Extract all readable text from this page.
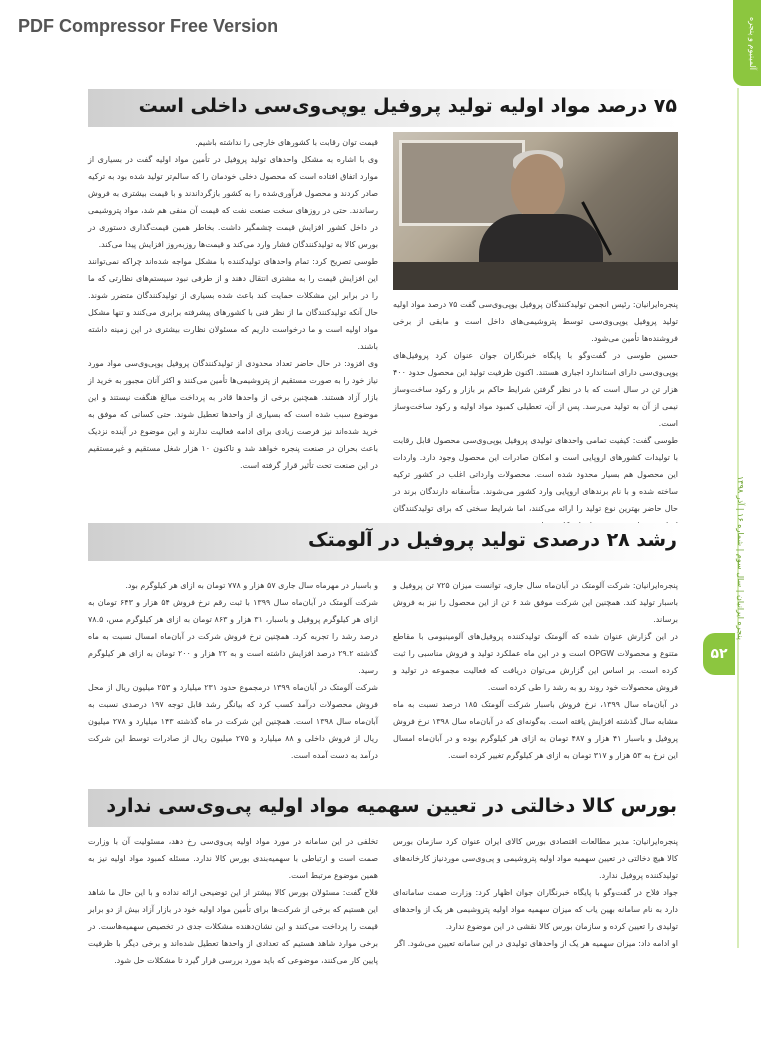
PDF Compressor Free Version	آلمینیوم و پنجره
پنجره ایرانیان | سال سوم | شماره ۱۶ | آذر ۱۳۹۸
۵۲
۷۵ درصد مواد اولیه تولید پروفیل یوپی‌وی‌سی داخلی است

پنجره‌ایرانیان: رئیس انجمن تولیدکنندگان پروفیل یوپی‌وی‌سی گفت ۷۵ درصد مواد اولیه تولید پروفیل یوپی‌وی‌سی توسط پتروشیمی‌های داخل است و مابقی از برخی فروشنده‌ها تأمین می‌شود.

حسین طوسی در گفت‌وگو با پایگاه خبرنگاران جوان عنوان کرد پروفیل‌های یوپی‌وی‌سی دارای استاندارد اجباری هستند. اکنون ظرفیت تولید این محصول حدود ۴۰۰ هزار تن در سال است که با در نظر گرفتن شرایط حاکم بر بازار و رکود ساخت‌وساز نیمی از آن به تولید می‌رسد. پس از آن، تعطیلی کمبود مواد اولیه و رکود ساخت‌وساز است.

طوسی گفت: کیفیت تمامی واحدهای تولیدی پروفیل یوپی‌وی‌سی محصول قابل رقابت با تولیدات کشورهای اروپایی است و امکان صادرات این محصول وجود دارد. واردات این محصول هم بسیار محدود شده است. محصولات وارداتی اغلب در کشور ترکیه ساخته شده و با نام برندهای اروپایی وارد کشور می‌شوند. متأسفانه دارندگان برند در حال حاضر بهترین نوع تولید را ارائه می‌کنند، اما شرایط سختی که برای تولیدکنندگان

قیمت توان رقابت با کشورهای خارجی را نداشته باشیم.

وی با اشاره به مشکل واحدهای تولید پروفیل در تأمین مواد اولیه گفت در بسیاری از موارد اتفاق افتاده است که محصول دخلی خودمان را که سالم‌تر تولید شده بود به ترکیه صادر کردند و محصول فرآوری‌شده را به کشور بازگرداندند و با قیمت بیشتری به فروش رساندند. حتی در روزهای سخت صنعت نفت که قیمت آن منفی هم شد، مواد پتروشیمی در داخل کشور افزایش قیمت چشمگیر داشت. بخاطر همین قیمت‌گذاری دستوری در بورس کالا به تولیدکنندگان فشار وارد می‌کند و قیمت‌ها روزبه‌روز افزایش پیدا می‌کند.

طوسی تصریح کرد: تمام واحدهای تولیدکننده با مشکل مواجه شده‌اند چراکه نمی‌توانند این افزایش قیمت را به مشتری انتقال دهند و از طرفی نبود سیستم‌های نظارتی که ما را در برابر این مشکلات حمایت کند باعث شده بسیاری از تولیدکنندگان متضرر شوند. حال آنکه تولیدکنندگان ما از نظر فنی با کشورهای پیشرفته برابری می‌کنند و تنها مشکل مواد اولیه است و ما درخواست داریم که مسئولان نظارت بیشتری در این زمینه داشته باشند.

وی افزود: در حال حاضر تعداد محدودی از تولیدکنندگان پروفیل یوپی‌وی‌سی مواد مورد نیاز خود را به صورت مستقیم از پتروشیمی‌ها تأمین می‌کنند و اکثر آنان مجبور به خرید از بازار آزاد هستند. همچنین برخی از واحدها قادر به پرداخت مبالغ هنگفت نیستند و این موضوع سبب شده است که بسیاری از واحدها تعطیل شوند. حتی کسانی که موفق به خرید شده‌اند نیز فرصت زیادی برای ادامه فعالیت ندارند و این موضوع در آینده نزدیک باعث بحران در صنعت پنجره خواهد شد و تاکنون ۱۰ هزار شغل مستقیم و غیرمستقیم در این صنعت تحت تأثیر قرار گرفته است.

رشد ۲۸ درصدی تولید پروفیل در آلومتک

پنجره‌ایرانیان: شرکت آلومتک در آبان‌ماه سال جاری، توانست میزان ۷۲۵ تن پروفیل و باسبار تولید کند. همچنین این شرکت موفق شد ۶ تن از این محصول را نیز به فروش برساند.

در این گزارش عنوان شده که آلومتک تولیدکننده پروفیل‌های آلومینیومی با مقاطع متنوع و محصولات OPGW است و در این ماه عملکرد تولید و فروش مناسبی را ثبت کرده است. بر اساس این گزارش می‌توان دریافت که فعالیت مجموعه در تولید و فروش محصولات خود روند رو به رشد را طی کرده است.

در آبان‌ماه سال ۱۳۹۹، نرخ فروش باسبار شرکت آلومتک ۱۸۵ درصد نسبت به ماه مشابه سال گذشته افزایش یافته است. به‌گونه‌ای که در آبان‌ماه سال ۱۳۹۸ نرخ فروش پروفیل و باسبار ۴۱ هزار و ۴۸۷ تومان به ازای هر کیلوگرم بوده و در آبان‌ماه امسال این نرخ به ۵۳ هزار و ۳۱۷ تومان به ازای هر کیلوگرم تغییر کرده است.

و باسبار در مهرماه سال جاری ۵۷ هزار و ۷۷۸ تومان به ازای هر کیلوگرم بود.

شرکت آلومتک در آبان‌ماه سال ۱۳۹۹ با ثبت رقم نرخ فروش ۵۴ هزار و ۶۴۳ تومان به ازای هر کیلوگرم پروفیل و باسبار، ۳۱ هزار و ۸۶۳ تومان به ازای هر کیلوگرم مس، ۷۸.۵ درصد رشد را تجربه کرد. همچنین نرخ فروش شرکت در آبان‌ماه امسال نسبت به ماه گذشته ۲۹.۲ درصد افزایش داشته است و به ۲۲ هزار و ۲۰۰ تومان به ازای هر کیلوگرم رسید.

شرکت آلومتک در آبان‌ماه ۱۳۹۹ درمجموع حدود ۲۳۱ میلیارد و ۲۵۳ میلیون ریال از محل فروش محصولات درآمد کسب کرد که بیانگر رشد قابل توجه ۱۹۷ درصدی نسبت به آبان‌ماه سال ۱۳۹۸ است. همچنین این شرکت در ماه گذشته ۱۴۳ میلیارد و ۲۷۸ میلیون ریال از فروش داخلی و ۸۸ میلیارد و ۲۷۵ میلیون ریال از صادرات توسط این شرکت درآمد به دست آمده است.

بورس کالا دخالتی در تعیین سهمیه مواد اولیه پی‌وی‌سی ندارد

پنجره‌ایرانیان: مدیر مطالعات اقتصادی بورس کالای ایران عنوان کرد سازمان بورس کالا هیچ دخالتی در تعیین سهمیه مواد اولیه پتروشیمی و پی‌وی‌سی موردنیاز کارخانه‌های تولیدکننده پروفیل ندارد.

جواد فلاح در گفت‌وگو با پایگاه خبرنگاران جوان اظهار کرد: وزارت صمت سامانه‌ای دارد به نام سامانه بهین یاب که میزان سهمیه مواد اولیه پتروشیمی هر یک از واحدهای تولیدی را تعیین کرده و سازمان بورس کالا نقشی در این موضوع ندارد.

او ادامه داد: میزان سهمیه هر یک از واحدهای تولیدی در این سامانه تعیین می‌شود. اگر

تخلفی در این سامانه در مورد مواد اولیه پی‌وی‌سی رخ دهد، مسئولیت آن با وزارت صمت است و ارتباطی با سهمیه‌بندی بورس کالا ندارد. مسئله کمبود مواد اولیه نیز به همین موضوع مرتبط است.

فلاح گفت: مسئولان بورس کالا بیشتر از این توضیحی ارائه نداده و با این حال ما شاهد این هستیم که برخی از شرکت‌ها برای تأمین مواد اولیه خود در بازار آزاد بیش از دو برابر قیمت را پرداخت می‌کنند و این نشان‌دهنده مشکلات جدی در تخصیص سهمیه‌هاست. در برخی موارد شاهد هستیم که تعدادی از واحدها تعطیل شده‌اند و برخی دیگر با ظرفیت پایین کار می‌کنند، موضوعی که باید مورد بررسی قرار گیرد تا مشکلات حل شود.
